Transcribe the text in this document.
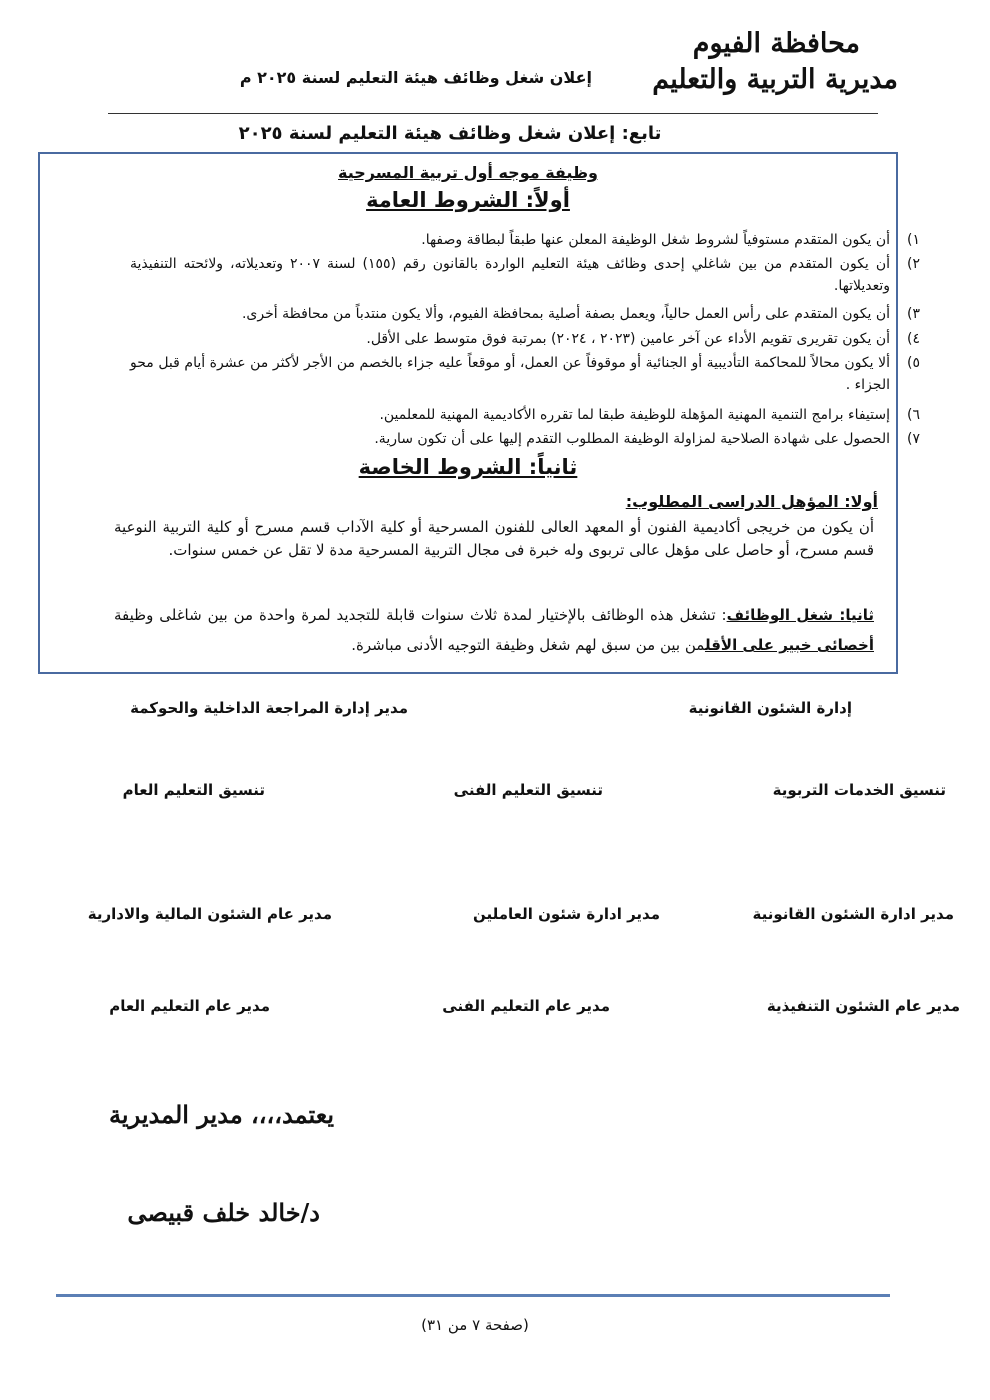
محافظة الفيوم
مديرية التربية والتعليم
إعلان شغل وظائف هيئة التعليم لسنة ٢٠٢٥ م
تابع: إعلان شغل وظائف هيئة التعليم لسنة ٢٠٢٥
وظيفة موجه أول تربية المسرحية
أولاً: الشروط العامة
١)
أن يكون المتقدم مستوفياً لشروط شغل الوظيفة المعلن عنها طبقاً لبطاقة وصفها.
٢)
أن يكون المتقدم من بين شاغلي إحدى وظائف هيئة التعليم الواردة بالقانون رقم (١٥٥) لسنة ٢٠٠٧ وتعديلاته، ولائحته التنفيذية وتعديلاتها.
٣)
أن يكون المتقدم على رأس العمل حالياً، ويعمل بصفة أصلية بمحافظة الفيوم، وألا يكون منتدباً من محافظة أخرى.
٤)
أن يكون تقريرى تقويم الأداء عن آخر عامين (٢٠٢٣ ، ٢٠٢٤) بمرتبة فوق متوسط على الأقل.
٥)
ألا يكون محالاً للمحاكمة التأديبية أو الجنائية أو موقوفاً عن العمل، أو موقعاً عليه جزاء بالخصم من الأجر لأكثر من عشرة أيام قبل محو الجزاء .
٦)
إستيفاء برامج التنمية المهنية المؤهلة للوظيفة طبقا لما تقرره الأكاديمية المهنية للمعلمين.
٧)
الحصول على شهادة الصلاحية لمزاولة الوظيفة المطلوب التقدم إليها على أن تكون سارية.
ثانياً: الشروط الخاصة
أولا: المؤهل الدراسى المطلوب:
أن يكون من خريجى أكاديمية الفنون أو المعهد العالى للفنون المسرحية أو كلية الآداب قسم مسرح أو كلية التربية النوعية قسم مسرح، أو حاصل على مؤهل عالى تربوى وله خبرة فى مجال التربية المسرحية مدة لا تقل عن خمس سنوات.
ثانيا: شغل الوظائف: تشغل هذه الوظائف بالإختيار لمدة ثلاث سنوات قابلة للتجديد لمرة واحدة من بين شاغلى وظيفة أخصائى خبير على الأقلمن بين من سبق لهم شغل وظيفة التوجيه الأدنى مباشرة.
إدارة الشئون القانونية
مدير إدارة المراجعة الداخلية والحوكمة
تنسيق الخدمات التربوية
تنسيق التعليم الفنى
تنسيق التعليم العام
مدير ادارة الشئون القانونية
مدير ادارة شئون العاملين
مدير عام الشئون المالية والادارية
مدير عام الشئون التنفيذية
مدير عام التعليم الفنى
مدير عام التعليم العام
يعتمد،،،، مدير المديرية
د/خالد خلف قبيصى
(صفحة ٧ من ٣١)
